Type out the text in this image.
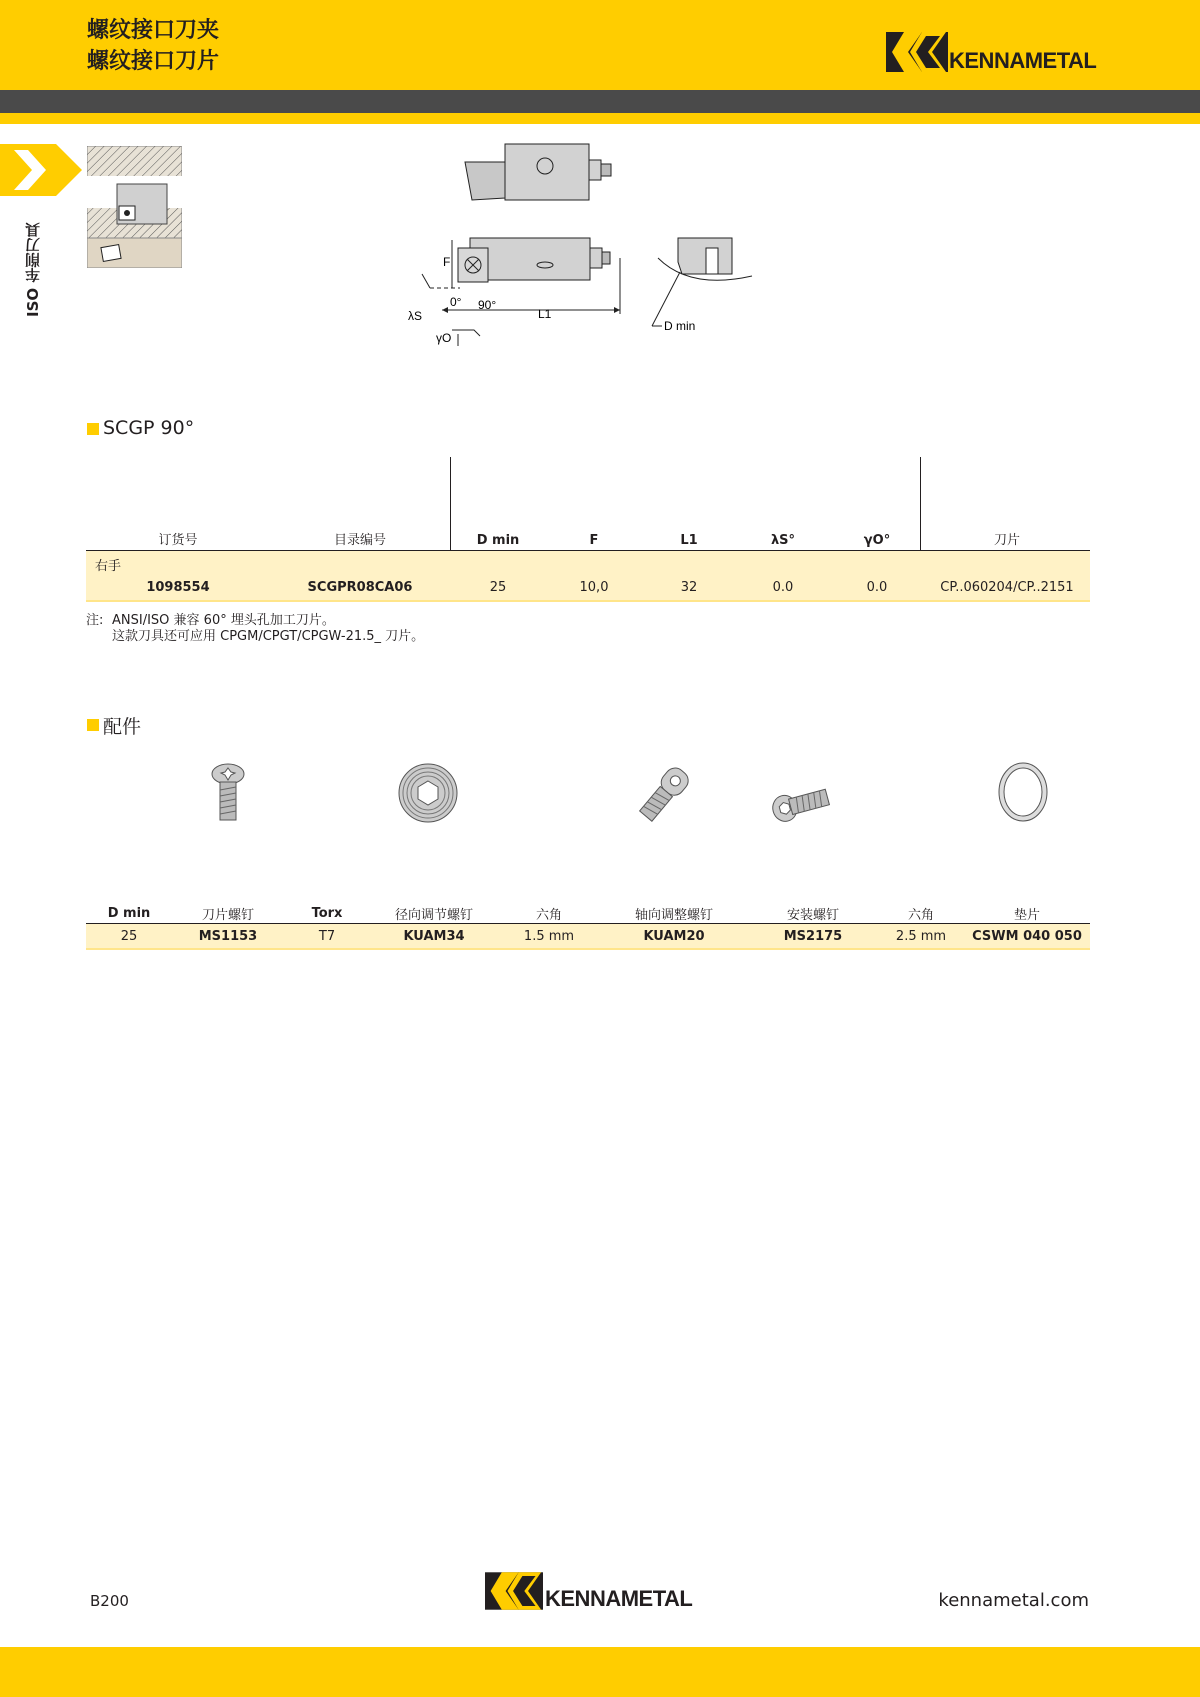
螺纹接口刀夹
螺纹接口刀片	KENNAMETAL
ISO 车削刀具	F
L1
0° 90°
λS
γO
D min
SCGP 90°
订货号	目录编号	D min	F	L1	λS°	γO°	刀片
右手							
1098554	SCGPR08CA06	25	10,0	32	0.0	0.0	CP..060204/CP..2151
注: ANSI/ISO 兼容 60° 埋头孔加工刀片。
这款刀具还可应用 CPGM/CPGT/CPGW-21.5_ 刀片。
配件
D min	刀片螺钉	Torx	径向调节螺钉	六角	轴向调整螺钉	安装螺钉	六角	垫片
25	MS1153	T7	KUAM34	1.5 mm	KUAM20	MS2175	2.5 mm	CSWM 040 050
B200	KENNAMETAL	kennametal.com
